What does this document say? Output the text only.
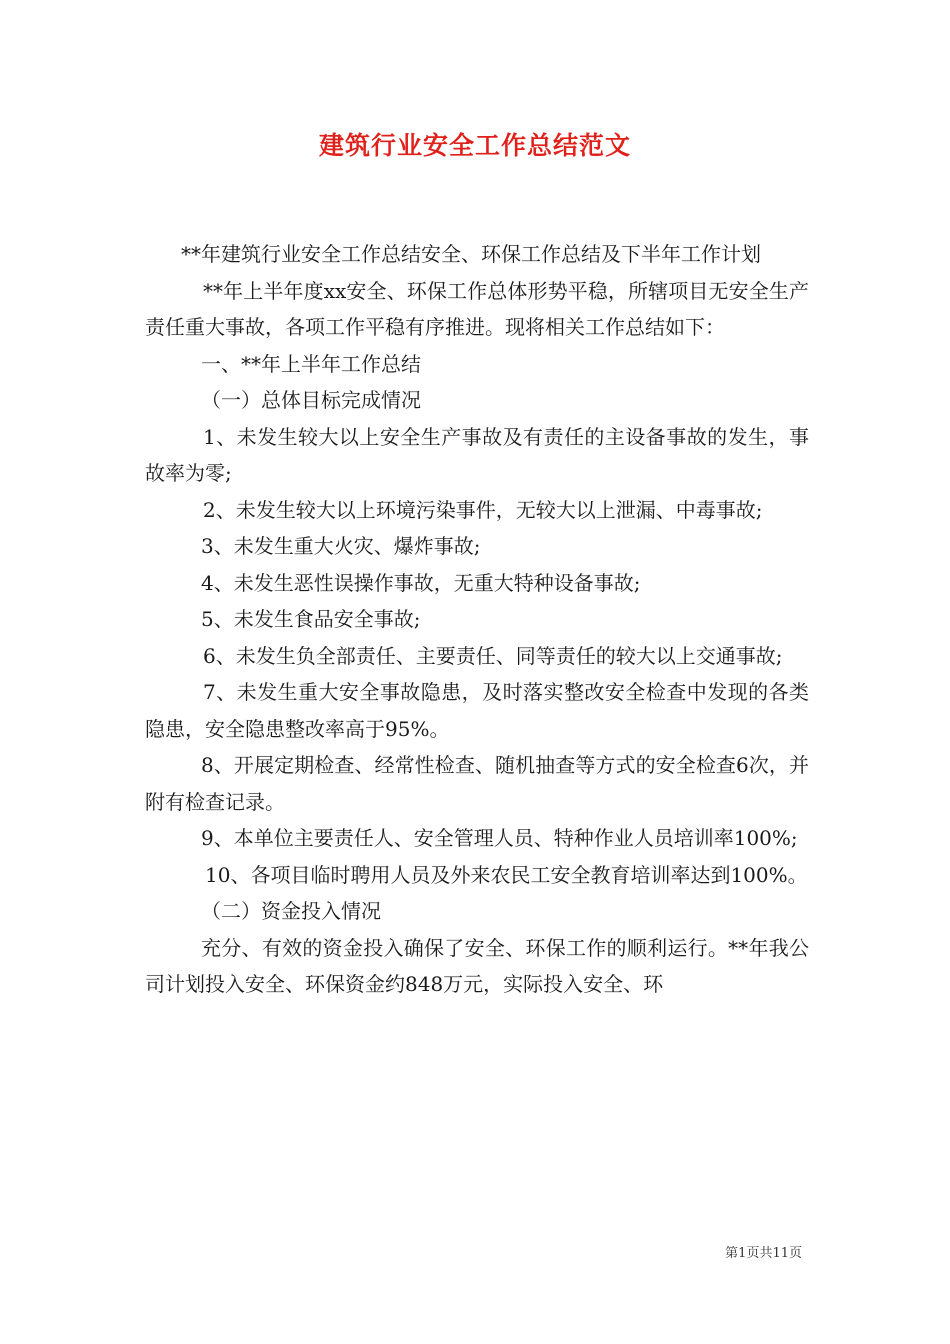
建筑行业安全工作总结范文

**年建筑行业安全工作总结安全、环保工作总结及下半年工作计划

**年上半年度xx安全、环保工作总体形势平稳，所辖项目无安全生产责任重大事故，各项工作平稳有序推进。现将相关工作总结如下：

一、**年上半年工作总结

（一）总体目标完成情况

1、未发生较大以上安全生产事故及有责任的主设备事故的发生，事故率为零;

2、未发生较大以上环境污染事件，无较大以上泄漏、中毒事故;

3、未发生重大火灾、爆炸事故;

4、未发生恶性误操作事故，无重大特种设备事故;

5、未发生食品安全事故;

6、未发生负全部责任、主要责任、同等责任的较大以上交通事故;

7、未发生重大安全事故隐患，及时落实整改安全检查中发现的各类隐患，安全隐患整改率高于95%。

8、开展定期检查、经常性检查、随机抽查等方式的安全检查6次，并附有检查记录。

9、本单位主要责任人、安全管理人员、特种作业人员培训率100%;

10、各项目临时聘用人员及外来农民工安全教育培训率达到100%。

（二）资金投入情况

充分、有效的资金投入确保了安全、环保工作的顺利运行。**年我公司计划投入安全、环保资金约848万元，实际投入安全、环

第1页共11页
